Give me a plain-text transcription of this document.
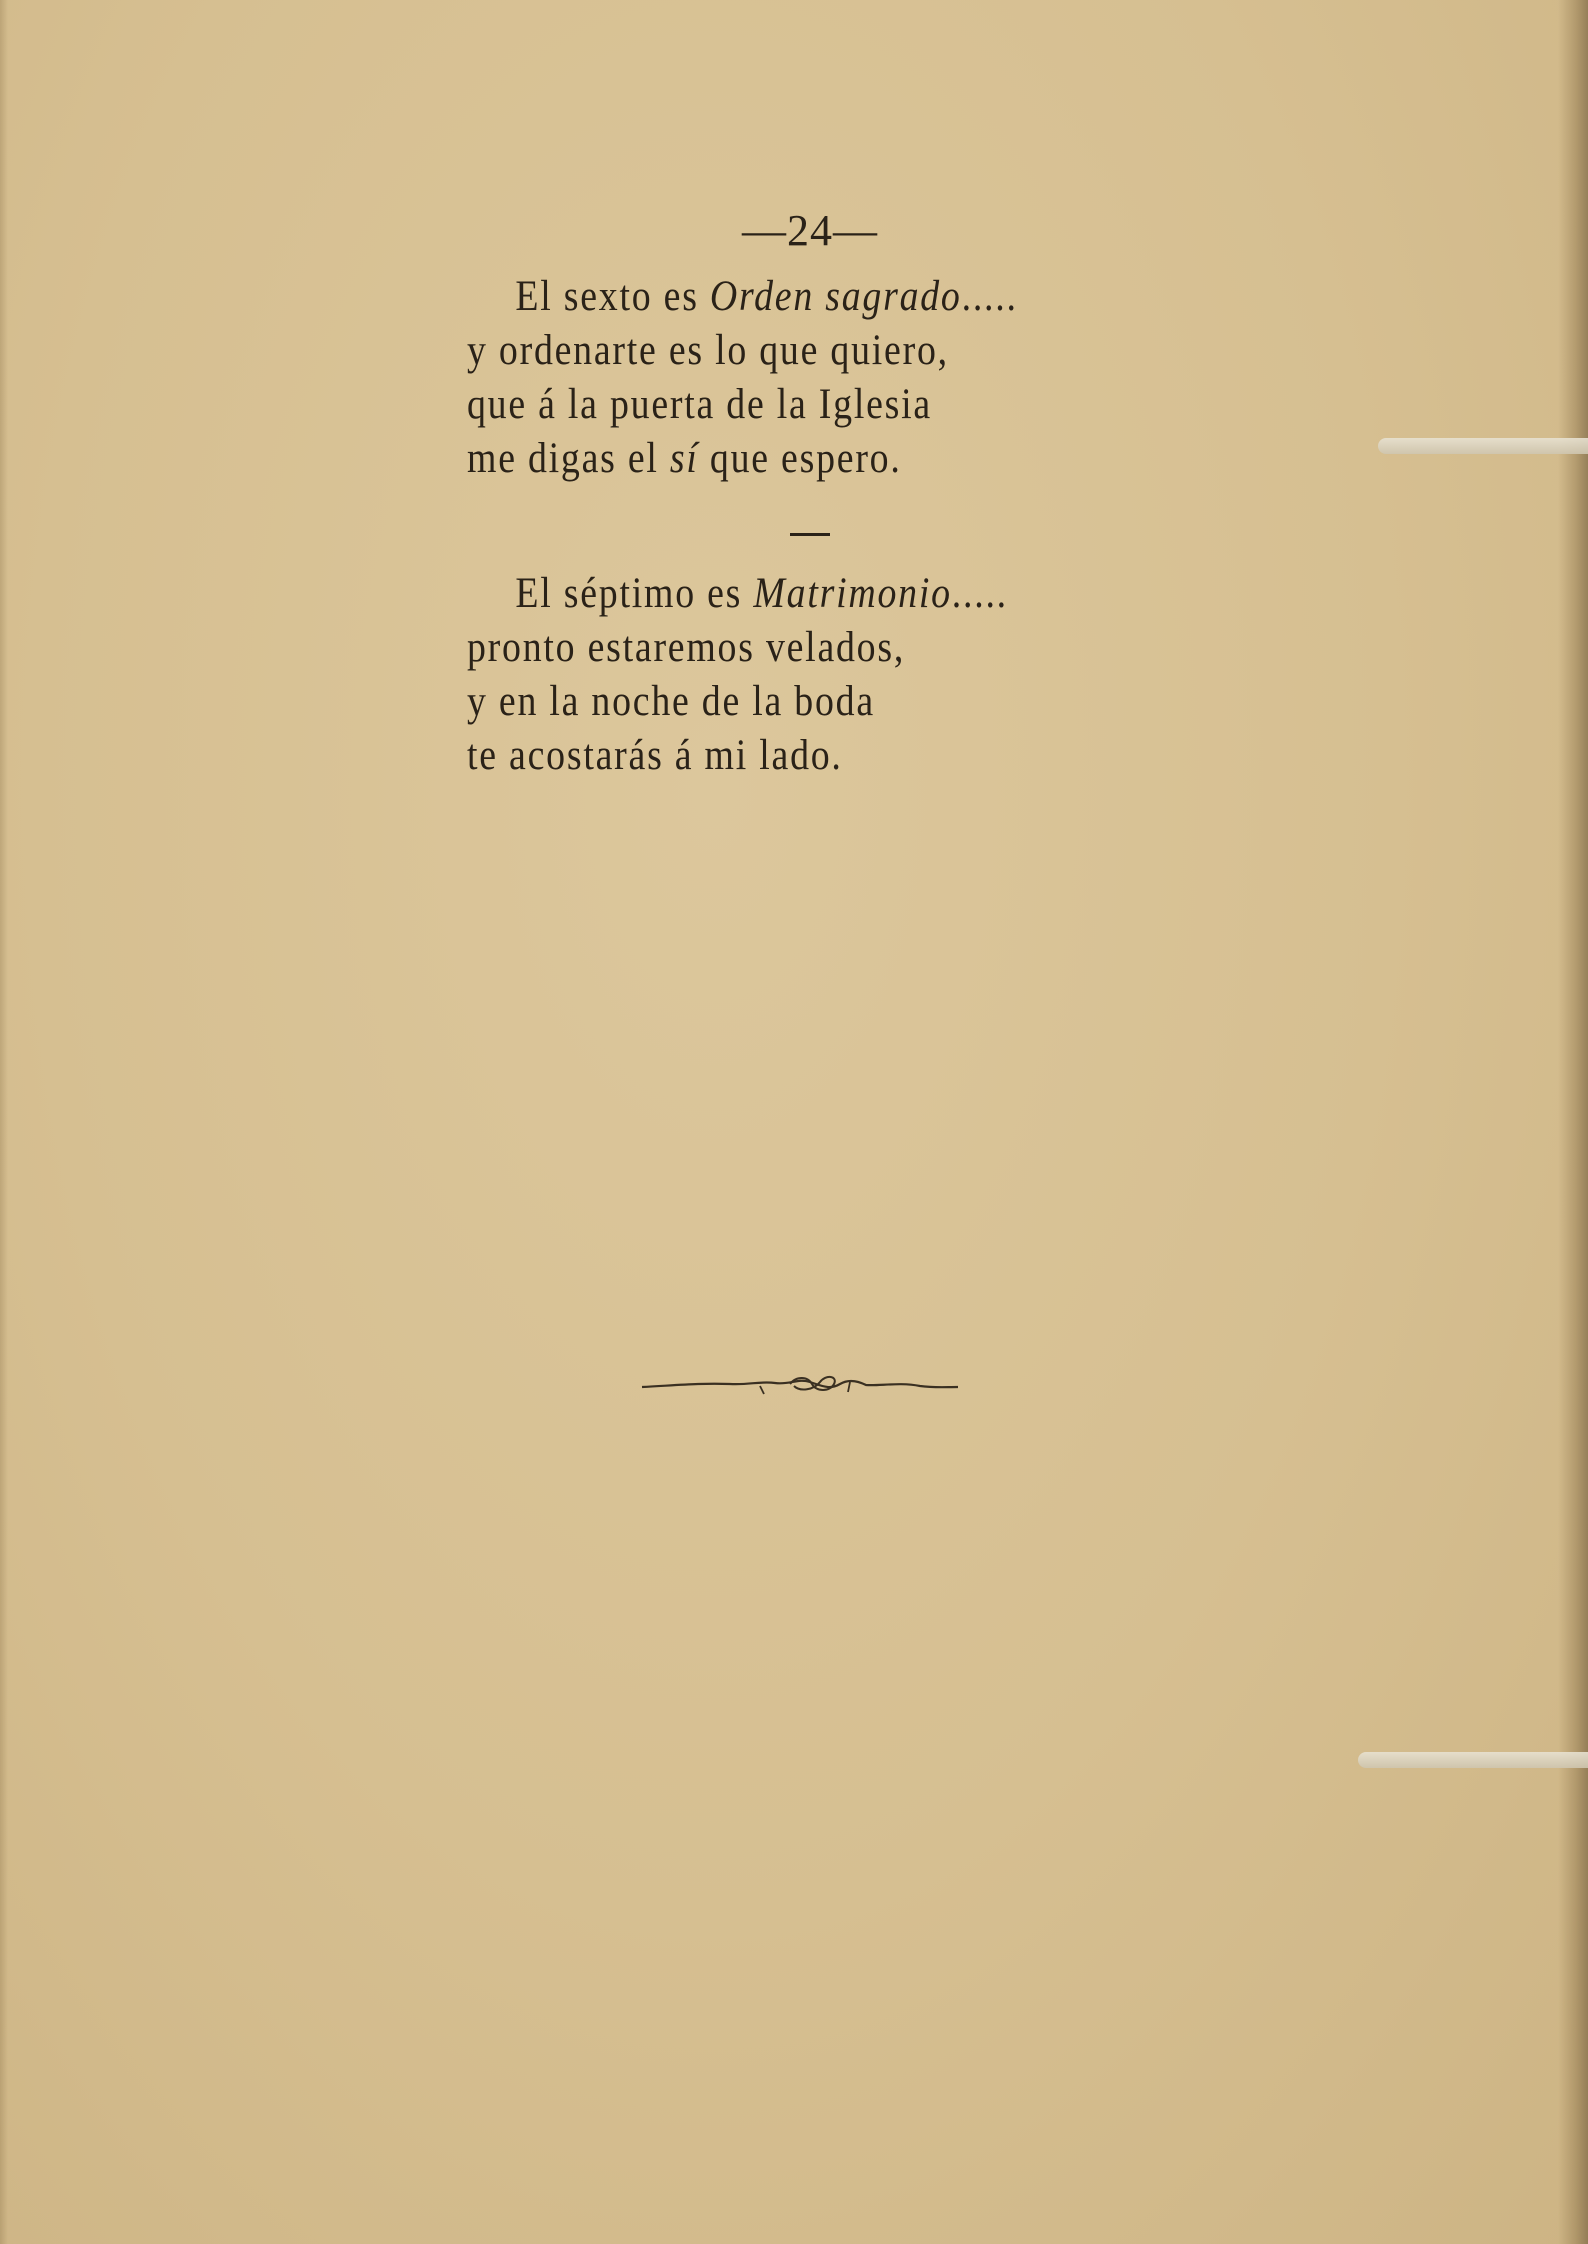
—24—
El sexto es Orden sagrado.....
y ordenarte es lo que quiero,
que á la puerta de la Iglesia
me digas el sí que espero.
El séptimo es Matrimonio.....
pronto estaremos velados,
y en la noche de la boda
te acostarás á mi lado.
